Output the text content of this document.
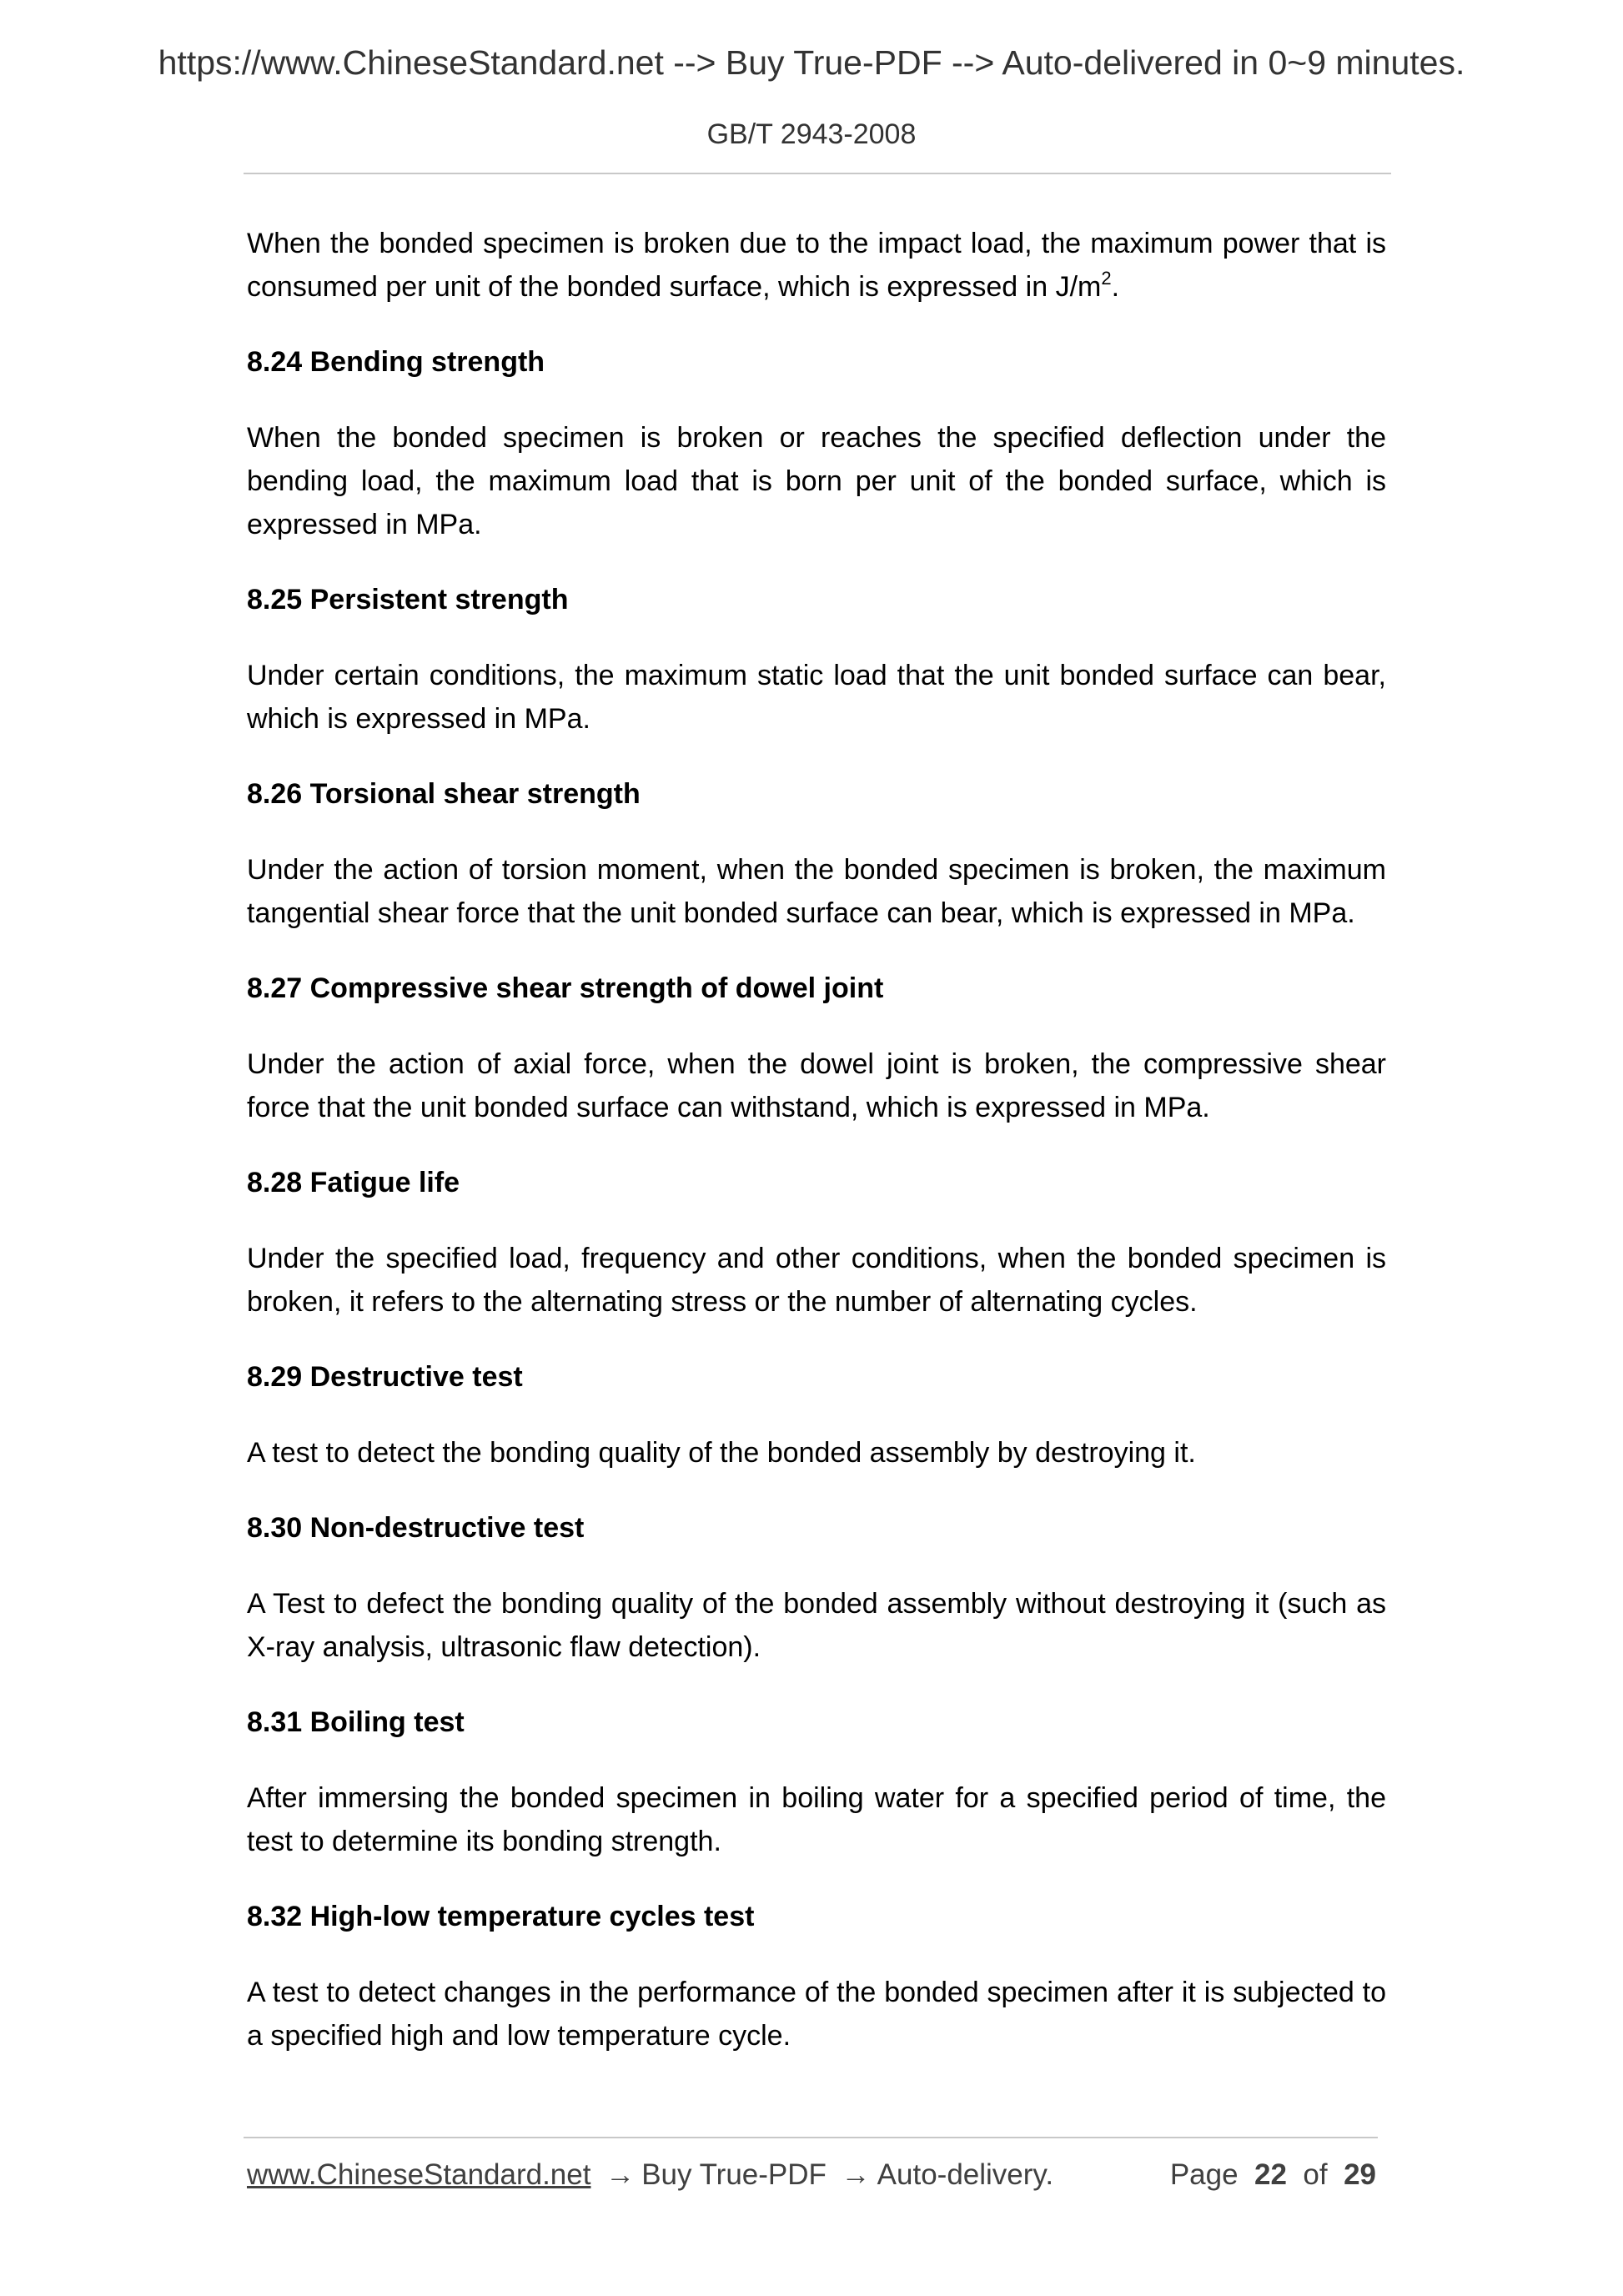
https://www.ChineseStandard.net --> Buy True-PDF --> Auto-delivered in 0~9 minutes.
GB/T 2943-2008

When the bonded specimen is broken due to the impact load, the maximum power that is consumed per unit of the bonded surface, which is expressed in $J/m^2$.

8.24 Bending strength

When the bonded specimen is broken or reaches the specified deflection under the bending load, the maximum load that is born per unit of the bonded surface, which is expressed in MPa.

8.25 Persistent strength

Under certain conditions, the maximum static load that the unit bonded surface can bear, which is expressed in MPa.

8.26 Torsional shear strength

Under the action of torsion moment, when the bonded specimen is broken, the maximum tangential shear force that the unit bonded surface can bear, which is expressed in MPa.

8.27 Compressive shear strength of dowel joint

Under the action of axial force, when the dowel joint is broken, the compressive shear force that the unit bonded surface can withstand, which is expressed in MPa.

8.28 Fatigue life

Under the specified load, frequency and other conditions, when the bonded specimen is broken, it refers to the alternating stress or the number of alternating cycles.

8.29 Destructive test

A test to detect the bonding quality of the bonded assembly by destroying it.

8.30 Non-destructive test

A Test to defect the bonding quality of the bonded assembly without destroying it (such as X-ray analysis, ultrasonic flaw detection).

8.31 Boiling test

After immersing the bonded specimen in boiling water for a specified period of time, the test to determine its bonding strength.

8.32 High-low temperature cycles test

A test to detect changes in the performance of the bonded specimen after it is subjected to a specified high and low temperature cycle.

www.ChineseStandard.net → Buy True-PDF → Auto-delivery.	Page 22 of 29
